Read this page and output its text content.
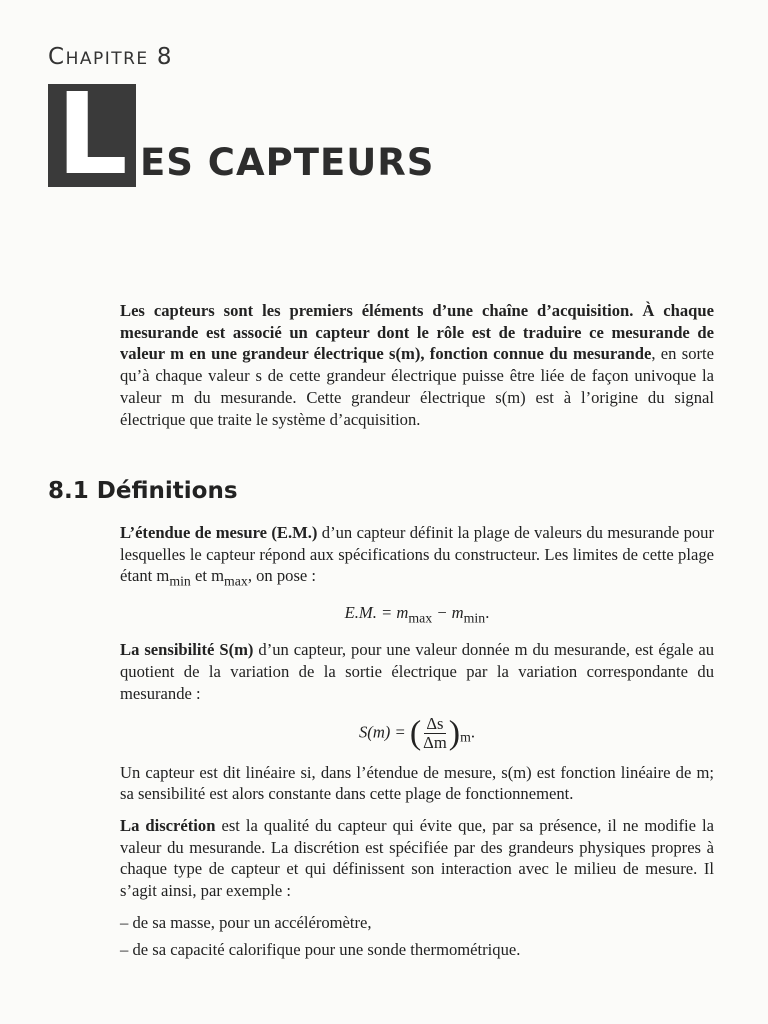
CHAPITRE 8
L ES CAPTEURS
Les capteurs sont les premiers éléments d’une chaîne d’acquisition. À chaque mesurande est associé un capteur dont le rôle est de traduire ce mesurande de valeur m en une grandeur électrique s(m), fonction connue du mesurande, en sorte qu’à chaque valeur s de cette grandeur électrique puisse être liée de façon univoque la valeur m du mesurande. Cette grandeur électrique s(m) est à l’origine du signal électrique que traite le système d’acquisition.
8.1 Définitions

L’étendue de mesure (E.M.) d’un capteur définit la plage de valeurs du mesurande pour lesquelles le capteur répond aux spécifications du constructeur. Les limites de cette plage étant $m_{min}$ et $m_{max}$, on pose :

E.M. = $m_{max} - m_{min}$.

La sensibilité S(m) d’un capteur, pour une valeur donnée m du mesurande, est égale au quotient de la variation de la sortie électrique par la variation correspondante du mesurande :

S(m) = ( $\frac{\Delta s}{\Delta m} )_m$.

Un capteur est dit linéaire si, dans l’étendue de mesure, s(m) est fonction linéaire de m; sa sensibilité est alors constante dans cette plage de fonctionnement.

La discrétion est la qualité du capteur qui évite que, par sa présence, il ne modifie la valeur du mesurande. La discrétion est spécifiée par des grandeurs physiques propres à chaque type de capteur et qui définissent son interaction avec le milieu de mesure. Il s’agit ainsi, par exemple :

– de sa masse, pour un accéléromètre,
– de sa capacité calorifique pour une sonde thermométrique.
